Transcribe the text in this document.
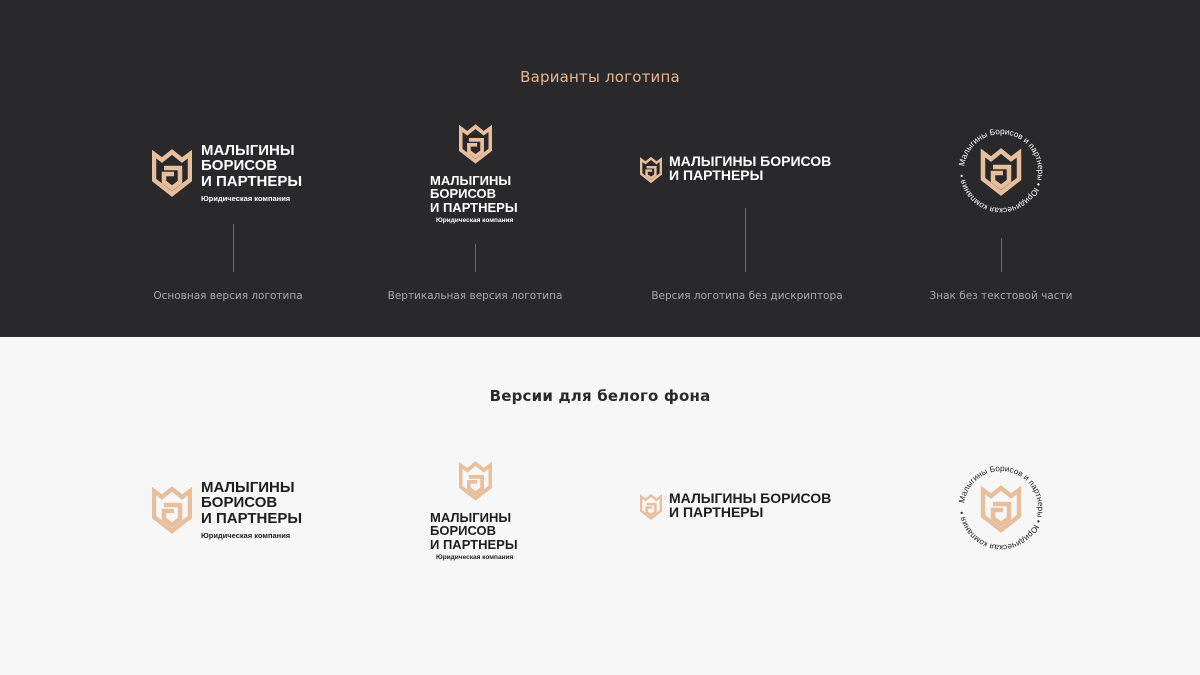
Варианты логотипа
МАЛЫГИНЫ
БОРИСОВ
И ПАРТНЕРЫ
Юридическая компания
Основная версия логотипа
МАЛЫГИНЫ
БОРИСОВ
И ПАРТНЕРЫ
Юридическая компания
Вертикальная версия логотипа
МАЛЫГИНЫ БОРИСОВ
И ПАРТНЕРЫ
Версия логотипа без дискриптора
Малыгины Борисов и партнеры • Юридическая компания •
Знак без текстовой части
Версии для белого фона
МАЛЫГИНЫ
БОРИСОВ
И ПАРТНЕРЫ
Юридическая компания
МАЛЫГИНЫ
БОРИСОВ
И ПАРТНЕРЫ
Юридическая компания
МАЛЫГИНЫ БОРИСОВ
И ПАРТНЕРЫ
Малыгины Борисов и партнеры • Юридическая компания •
